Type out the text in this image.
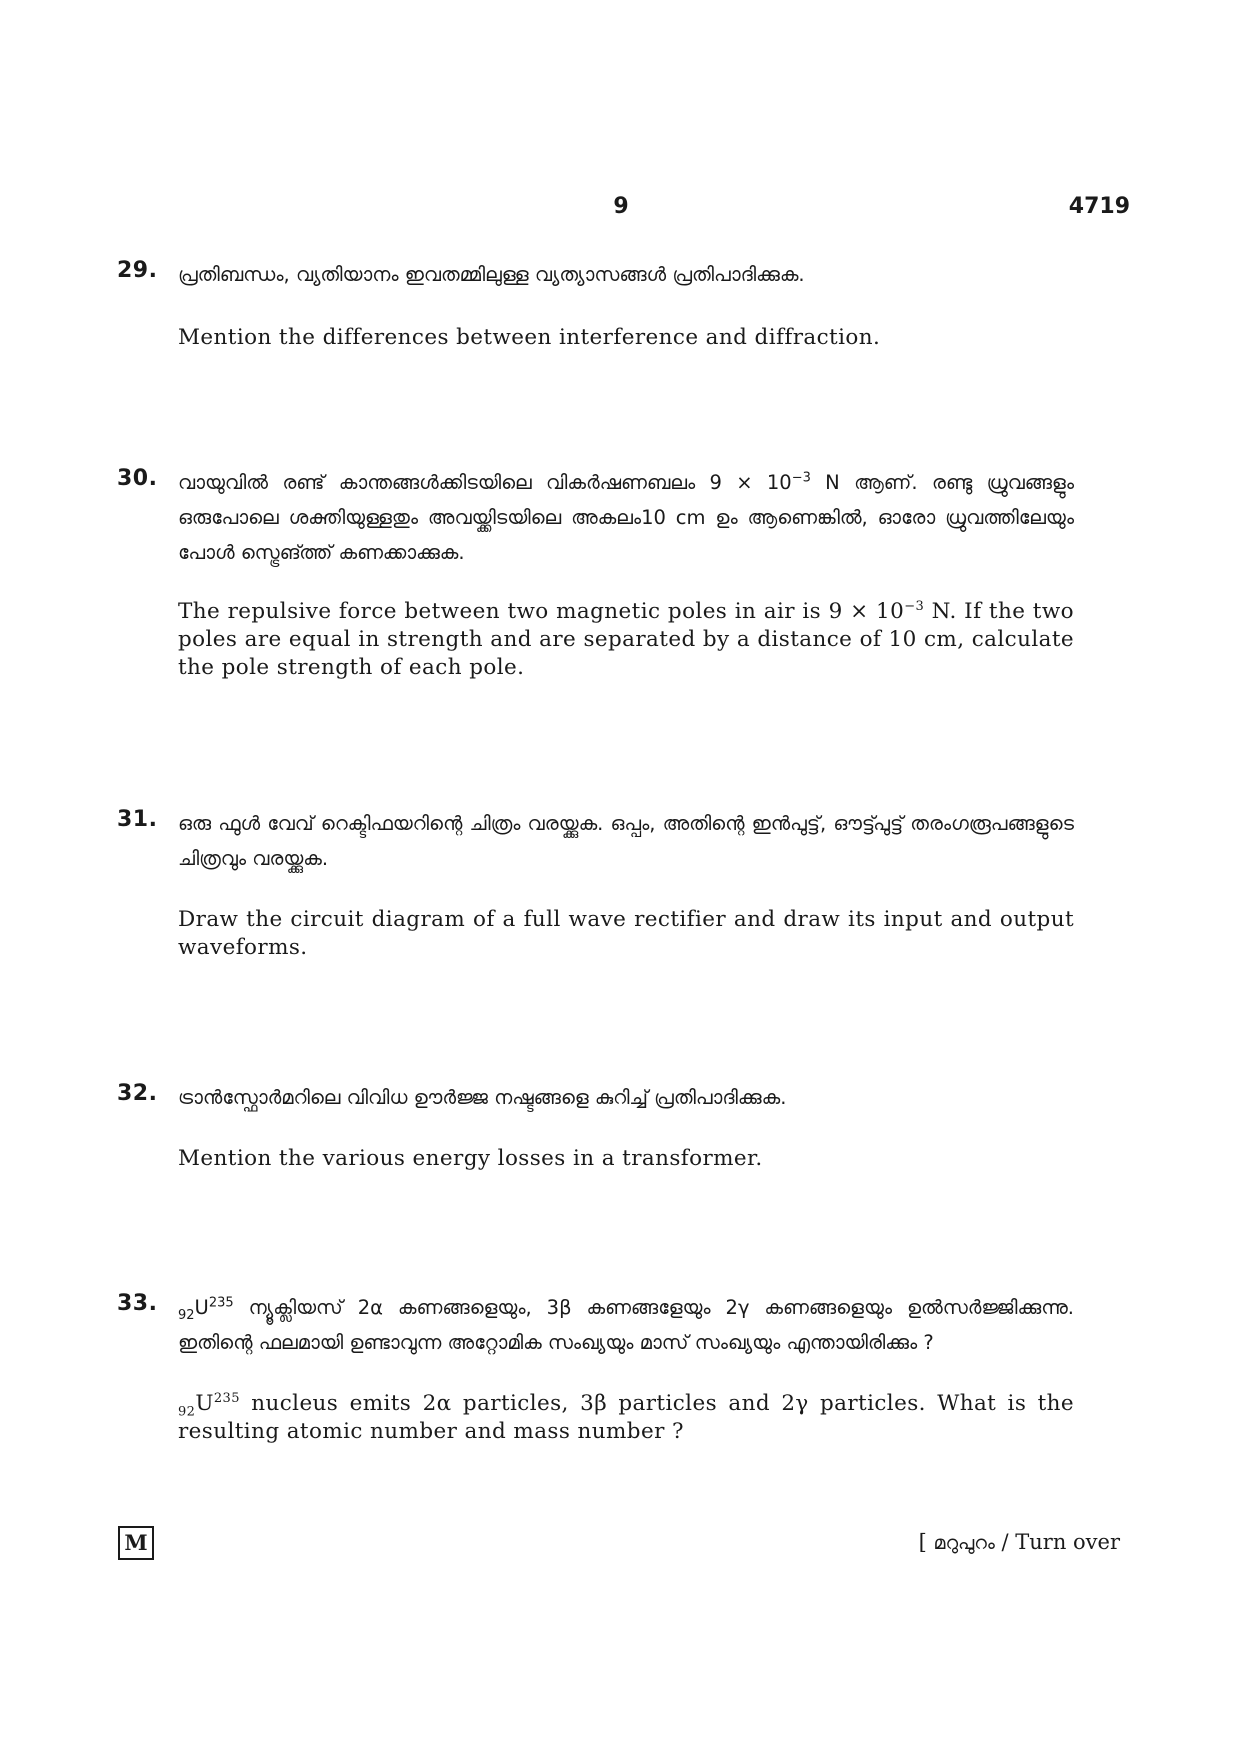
9	4719
29. പ്രതിബന്ധം, വ്യതിയാനം ഇവതമ്മിലുള്ള വ്യത്യാസങ്ങൾ പ്രതിപാദിക്കുക.
Mention the differences between interference and diffraction.
30. വായുവിൽ രണ്ട് കാന്തങ്ങൾക്കിടയിലെ വികർഷണബലം $9 \times 10^{-3}$ N ആണ്. രണ്ടു ധ്രുവങ്ങളും ഒരുപോലെ ശക്തിയുള്ളതും അവയ്ക്കിടയിലെ അകലം10 cm ഉം ആണെങ്കിൽ, ഓരോ ധ്രുവത്തിലേയും പോൾ സ്ട്രെങ്ത്ത് കണക്കാക്കുക.
The repulsive force between two magnetic poles in air is $9 \times 10^{-3}$ N. If the two poles are equal in strength and are separated by a distance of 10 cm, calculate the pole strength of each pole.
31. ഒരു ഫുൾ വേവ് റെക്ടിഫയറിന്റെ ചിത്രം വരയ്ക്കുക. ഒപ്പം, അതിന്റെ ഇൻപുട്ട്, ഔട്ട്പുട്ട് തരംഗരൂപങ്ങളുടെ ചിത്രവും വരയ്ക്കുക.
Draw the circuit diagram of a full wave rectifier and draw its input and output waveforms.
32. ട്രാൻസ്ഫോർമറിലെ വിവിധ ഊർജ്ജ നഷ്ടങ്ങളെ കുറിച്ച് പ്രതിപാദിക്കുക.
Mention the various energy losses in a transformer.
33. $_{92}U^{235}$ ന്യൂക്ലിയസ് 2α കണങ്ങളെയും, 3β കണങ്ങളേയും 2γ കണങ്ങളെയും ഉൽസർജ്ജിക്കുന്നു. ഇതിന്റെ ഫലമായി ഉണ്ടാവുന്ന അറ്റോമിക സംഖ്യയും മാസ് സംഖ്യയും എന്തായിരിക്കും ?
$_{92}U^{235}$ nucleus emits 2α particles, 3β particles and 2γ particles. What is the resulting atomic number and mass number ?
M	[ മറുപുറം / Turn over
